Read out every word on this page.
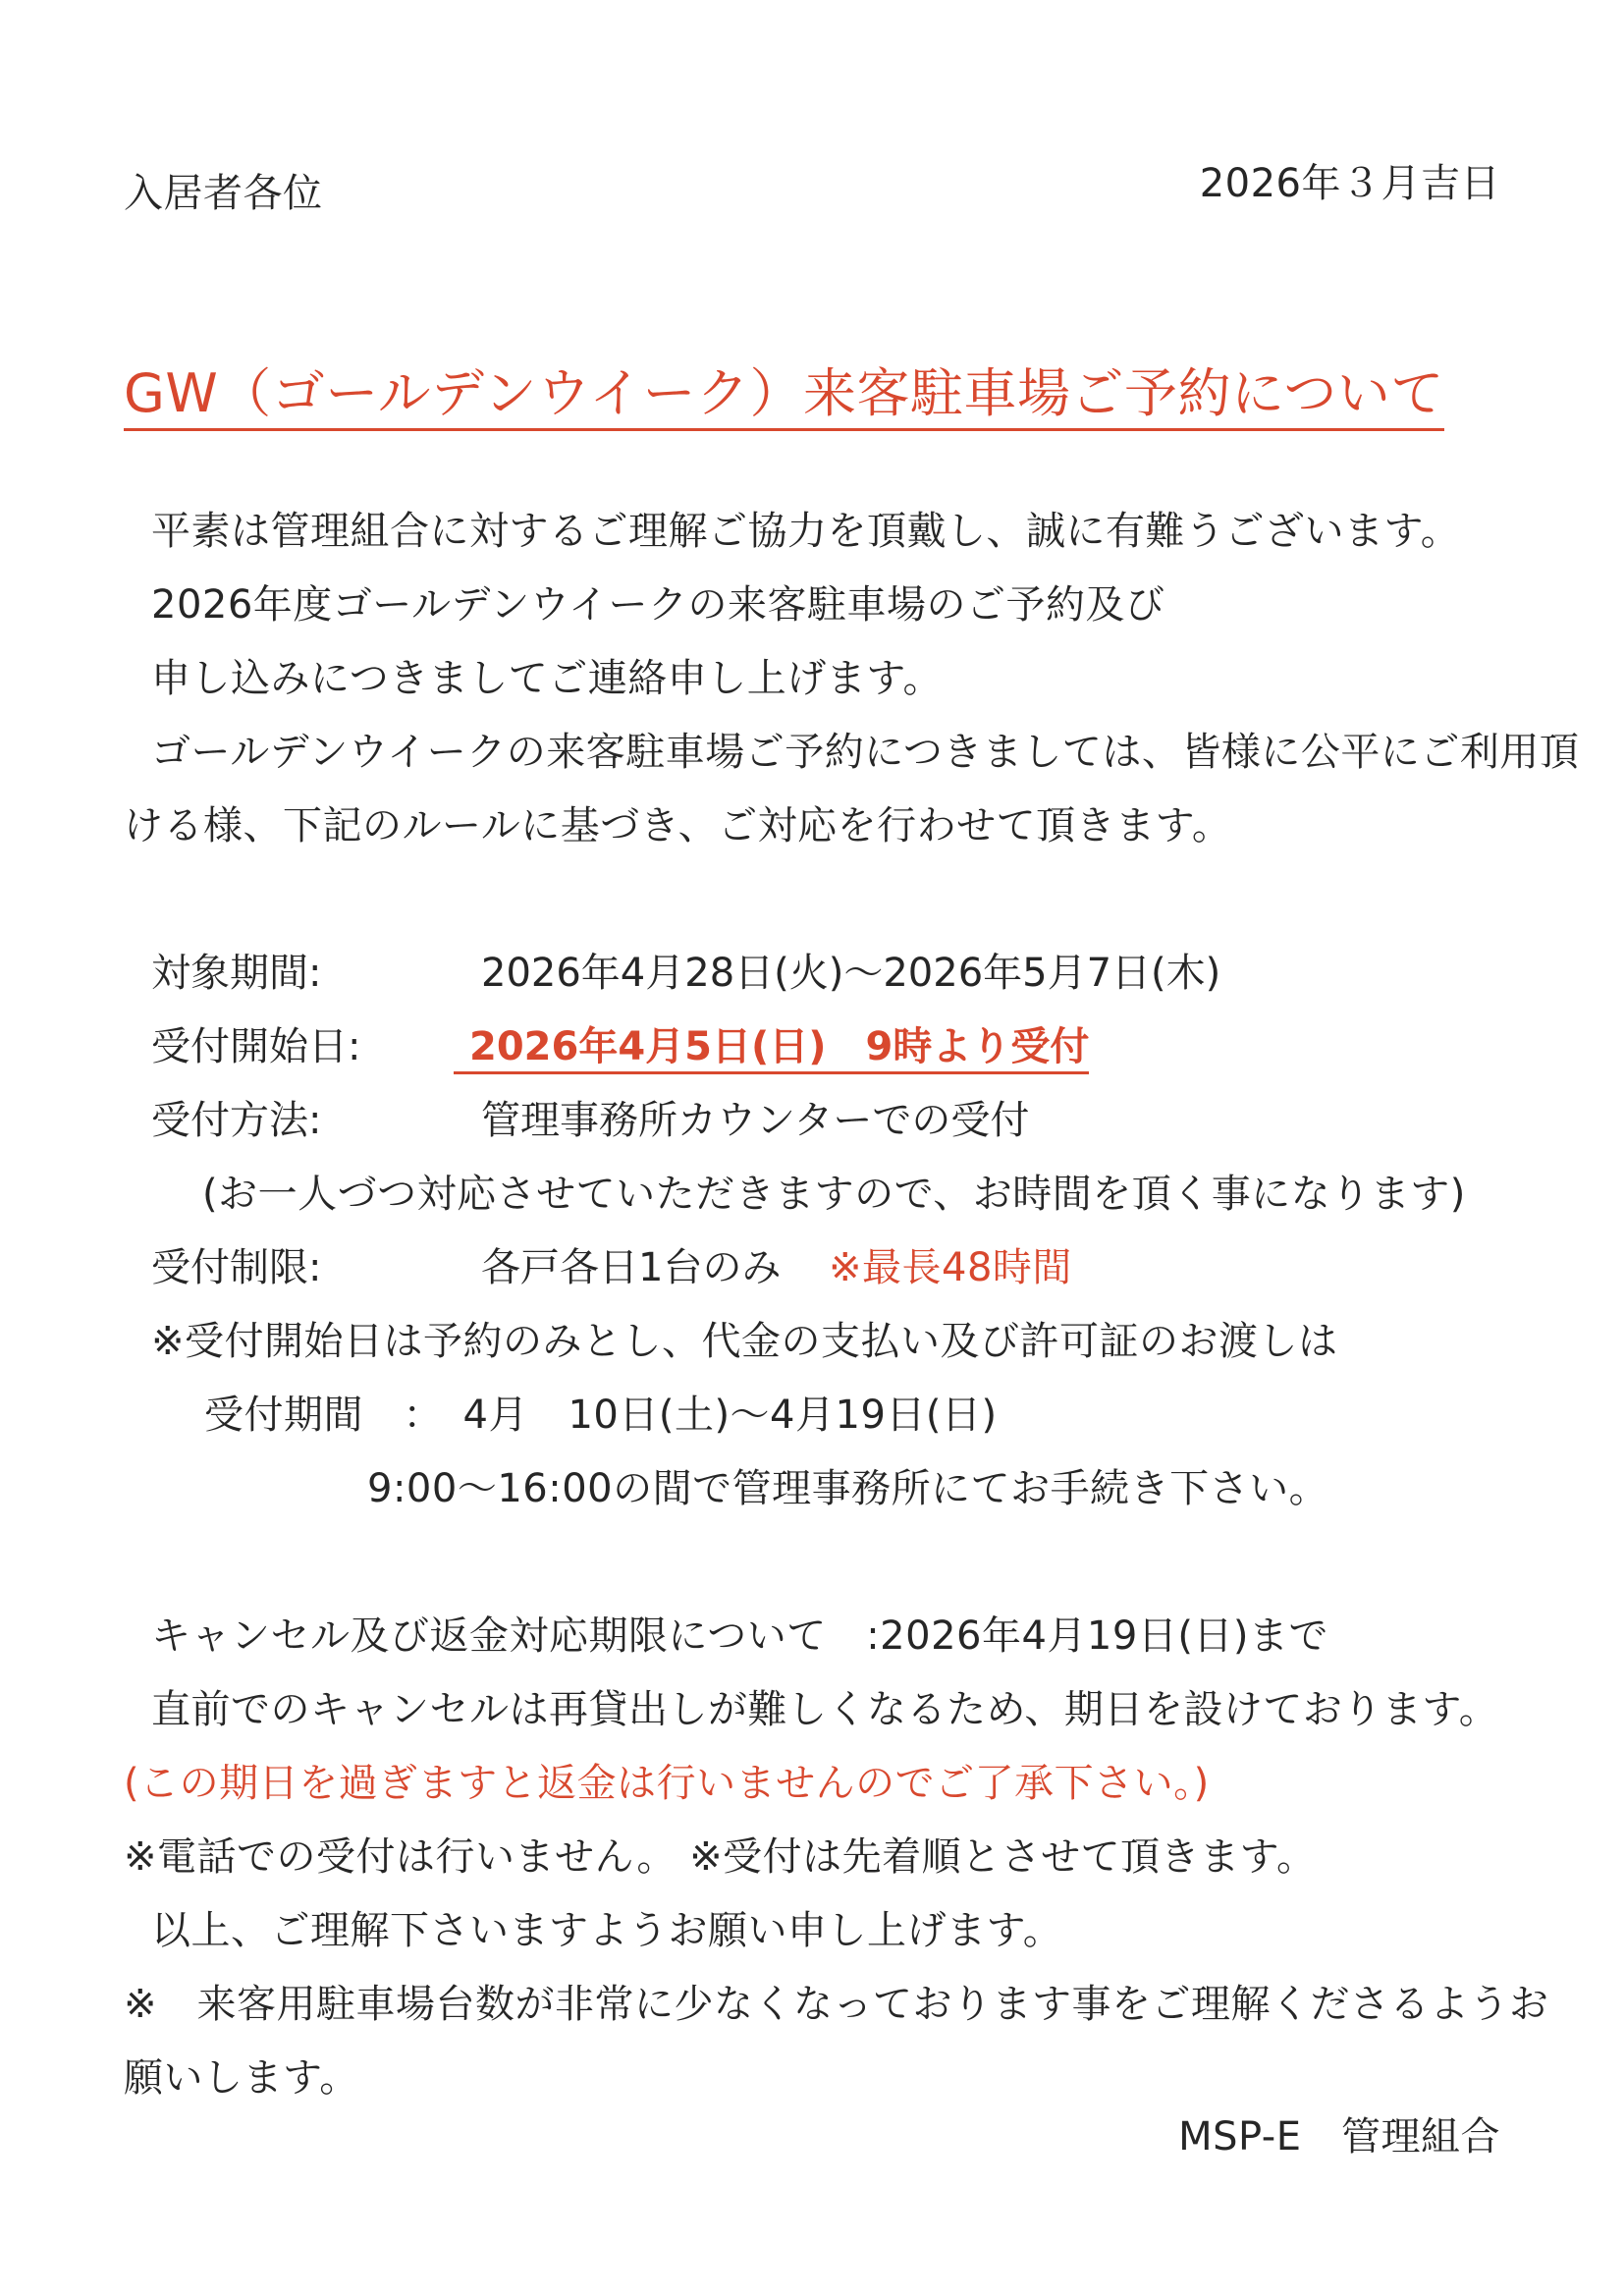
入居者各位	2026年３月吉日
GW（ゴールデンウイーク）来客駐車場ご予約について
平素は管理組合に対するご理解ご協力を頂戴し、誠に有難うございます。
2026年度ゴールデンウイークの来客駐車場のご予約及び
申し込みにつきましてご連絡申し上げます。
ゴールデンウイークの来客駐車場ご予約につきましては、皆様に公平にご利用頂
ける様、下記のルールに基づき、ご対応を行わせて頂きます。
対象期間:	2026年4月28日(火)～2026年5月7日(木)
受付開始日:	2026年4月5日(日)　9時より受付
受付方法:	管理事務所カウンターでの受付
(お一人づつ対応させていただきますので、お時間を頂く事になります)
受付制限:	各戸各日1台のみ ※最長48時間
※受付開始日は予約のみとし、代金の支払い及び許可証のお渡しは
受付期間　：　4月　10日(土)～4月19日(日)
9:00～16:00の間で管理事務所にてお手続き下さい。
キャンセル及び返金対応期限について　:2026年4月19日(日)まで
直前でのキャンセルは再貸出しが難しくなるため、期日を設けております。
(この期日を過ぎますと返金は行いませんのでご了承下さい。)
※電話での受付は行いません。 ※受付は先着順とさせて頂きます。
以上、ご理解下さいますようお願い申し上げます。
※　来客用駐車場台数が非常に少なくなっております事をご理解くださるようお
願いします。
MSP-E　管理組合
